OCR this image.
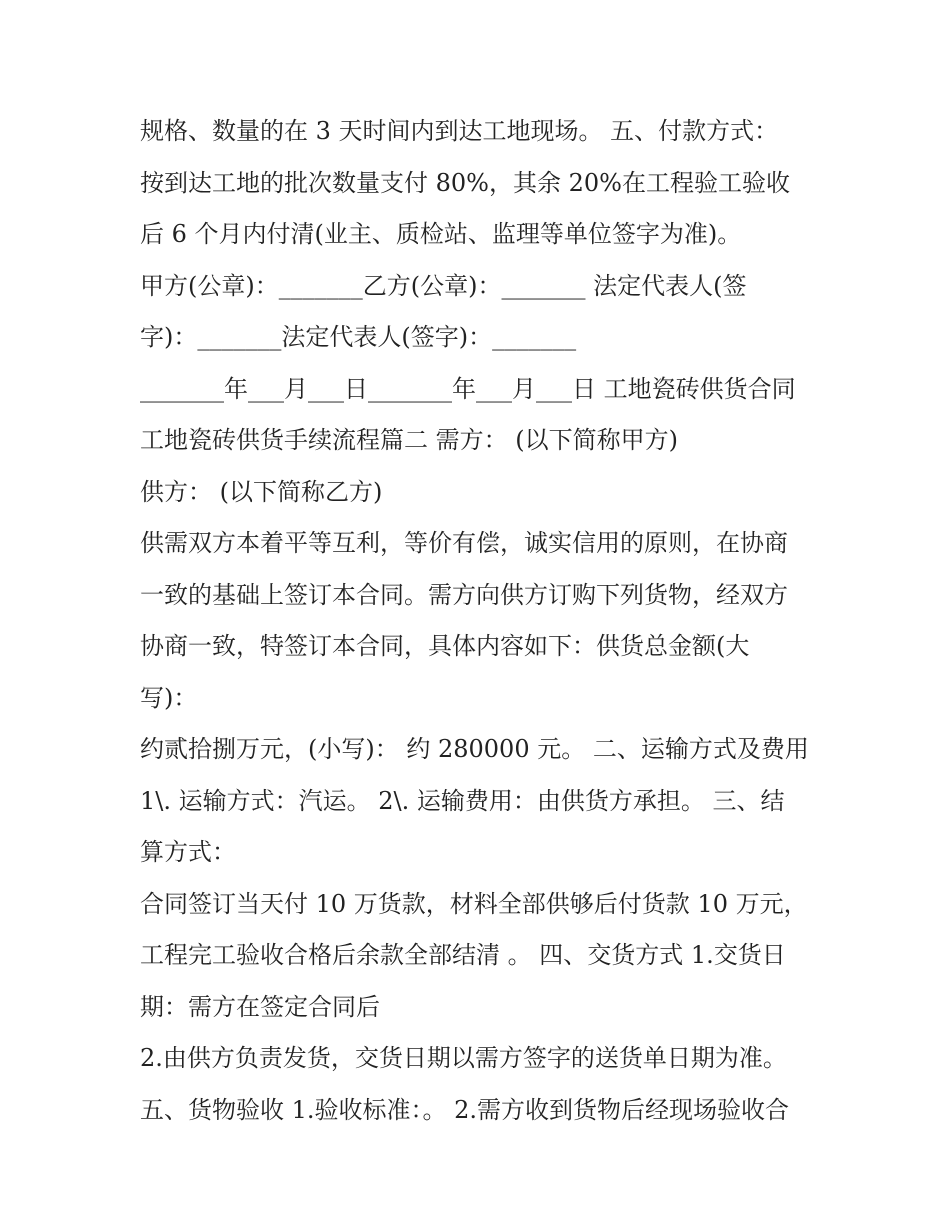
规格、数量的在 3 天时间内到达工地现场。 五、付款方式：
按到达工地的批次数量支付 80%，其余 20%在工程验工验收
后 6 个月内付清(业主、质检站、监理等单位签字为准)。
甲方(公章)：_______乙方(公章)：_______ 法定代表人(签
字)：_______法定代表人(签字)：_______
_______年___月___日_______年___月___日 工地瓷砖供货合同
工地瓷砖供货手续流程篇二 需方： (以下简称甲方)
供方： (以下简称乙方)
供需双方本着平等互利，等价有偿，诚实信用的原则，在协商
一致的基础上签订本合同。需方向供方订购下列货物，经双方
协商一致，特签订本合同，具体内容如下：供货总金额(大
写)：
约贰拾捌万元，(小写)： 约 280000 元。 二、运输方式及费用
1\. 运输方式：汽运。 2\. 运输费用：由供货方承担。 三、结
算方式：
合同签订当天付 10 万货款，材料全部供够后付货款 10 万元，
工程完工验收合格后余款全部结清 。 四、交货方式 1.交货日
期：需方在签定合同后
2.由供方负责发货，交货日期以需方签字的送货单日期为准。
五、货物验收 1.验收标准：。 2.需方收到货物后经现场验收合
